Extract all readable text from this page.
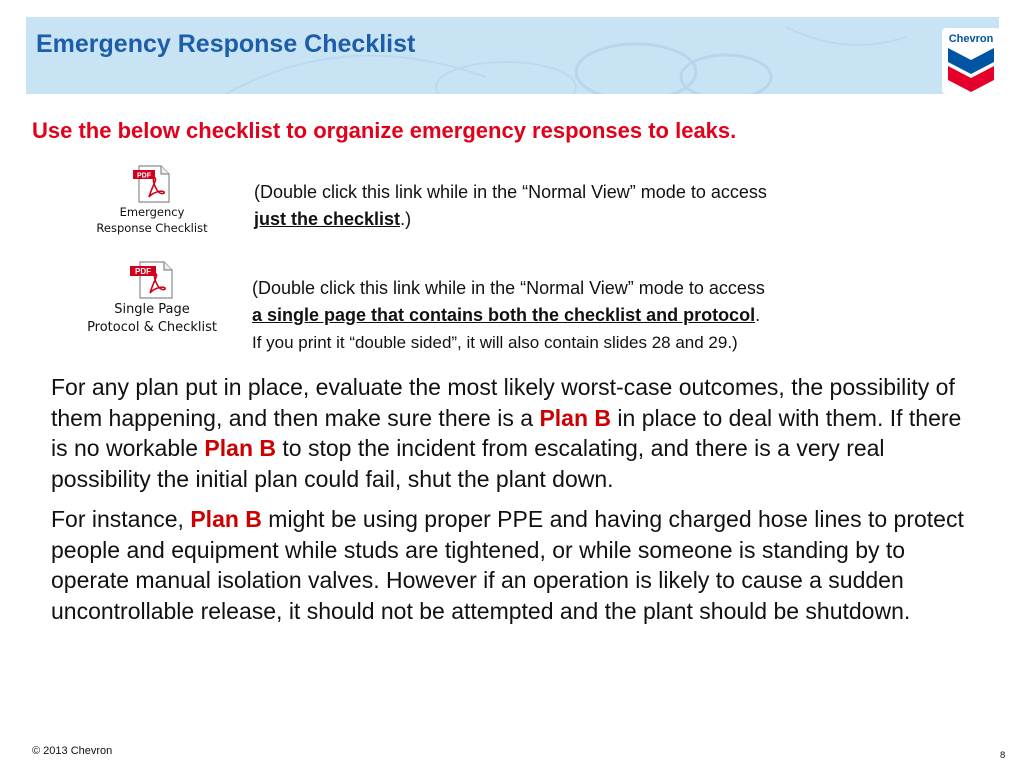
Emergency Response Checklist	Chevron

Use the below checklist to organize emergency responses to leaks.

PDF
Emergency
Response Checklist

(Double click this link while in the “Normal View” mode to access
just the checklist.)

PDF
Single Page
Protocol & Checklist

(Double click this link while in the “Normal View” mode to access
a single page that contains both the checklist and protocol.
If you print it “double sided”, it will also contain slides 28 and 29.)

For any plan put in place, evaluate the most likely worst-case outcomes, the possibility of them happening, and then make sure there is a Plan B in place to deal with them. If there is no workable Plan B to stop the incident from escalating, and there is a very real possibility the initial plan could fail, shut the plant down.

For instance, Plan B might be using proper PPE and having charged hose lines to protect people and equipment while studs are tightened, or while someone is standing by to operate manual isolation valves. However if an operation is likely to cause a sudden uncontrollable release, it should not be attempted and the plant should be shutdown.

© 2013 Chevron	8
